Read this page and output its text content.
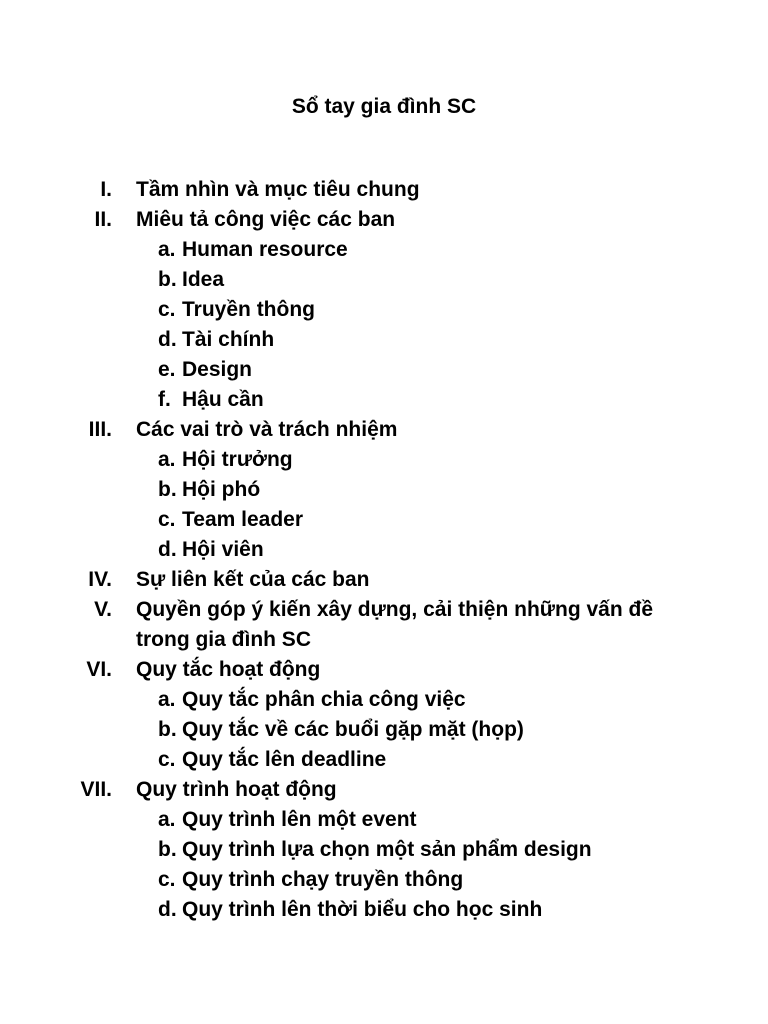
Sổ tay gia đình SC
I. Tầm nhìn và mục tiêu chung
II. Miêu tả công việc các ban
a. Human resource
b. Idea
c. Truyền thông
d. Tài chính
e. Design
f. Hậu cần
III. Các vai trò và trách nhiệm
a. Hội trưởng
b. Hội phó
c. Team leader
d. Hội viên
IV. Sự liên kết của các ban
V. Quyền góp ý kiến xây dựng, cải thiện những vấn đề trong gia đình SC
VI. Quy tắc hoạt động
a. Quy tắc phân chia công việc
b. Quy tắc về các buổi gặp mặt (họp)
c. Quy tắc lên deadline
VII. Quy trình hoạt động
a. Quy trình lên một event
b. Quy trình lựa chọn một sản phẩm design
c. Quy trình chạy truyền thông
d. Quy trình lên thời biểu cho học sinh
